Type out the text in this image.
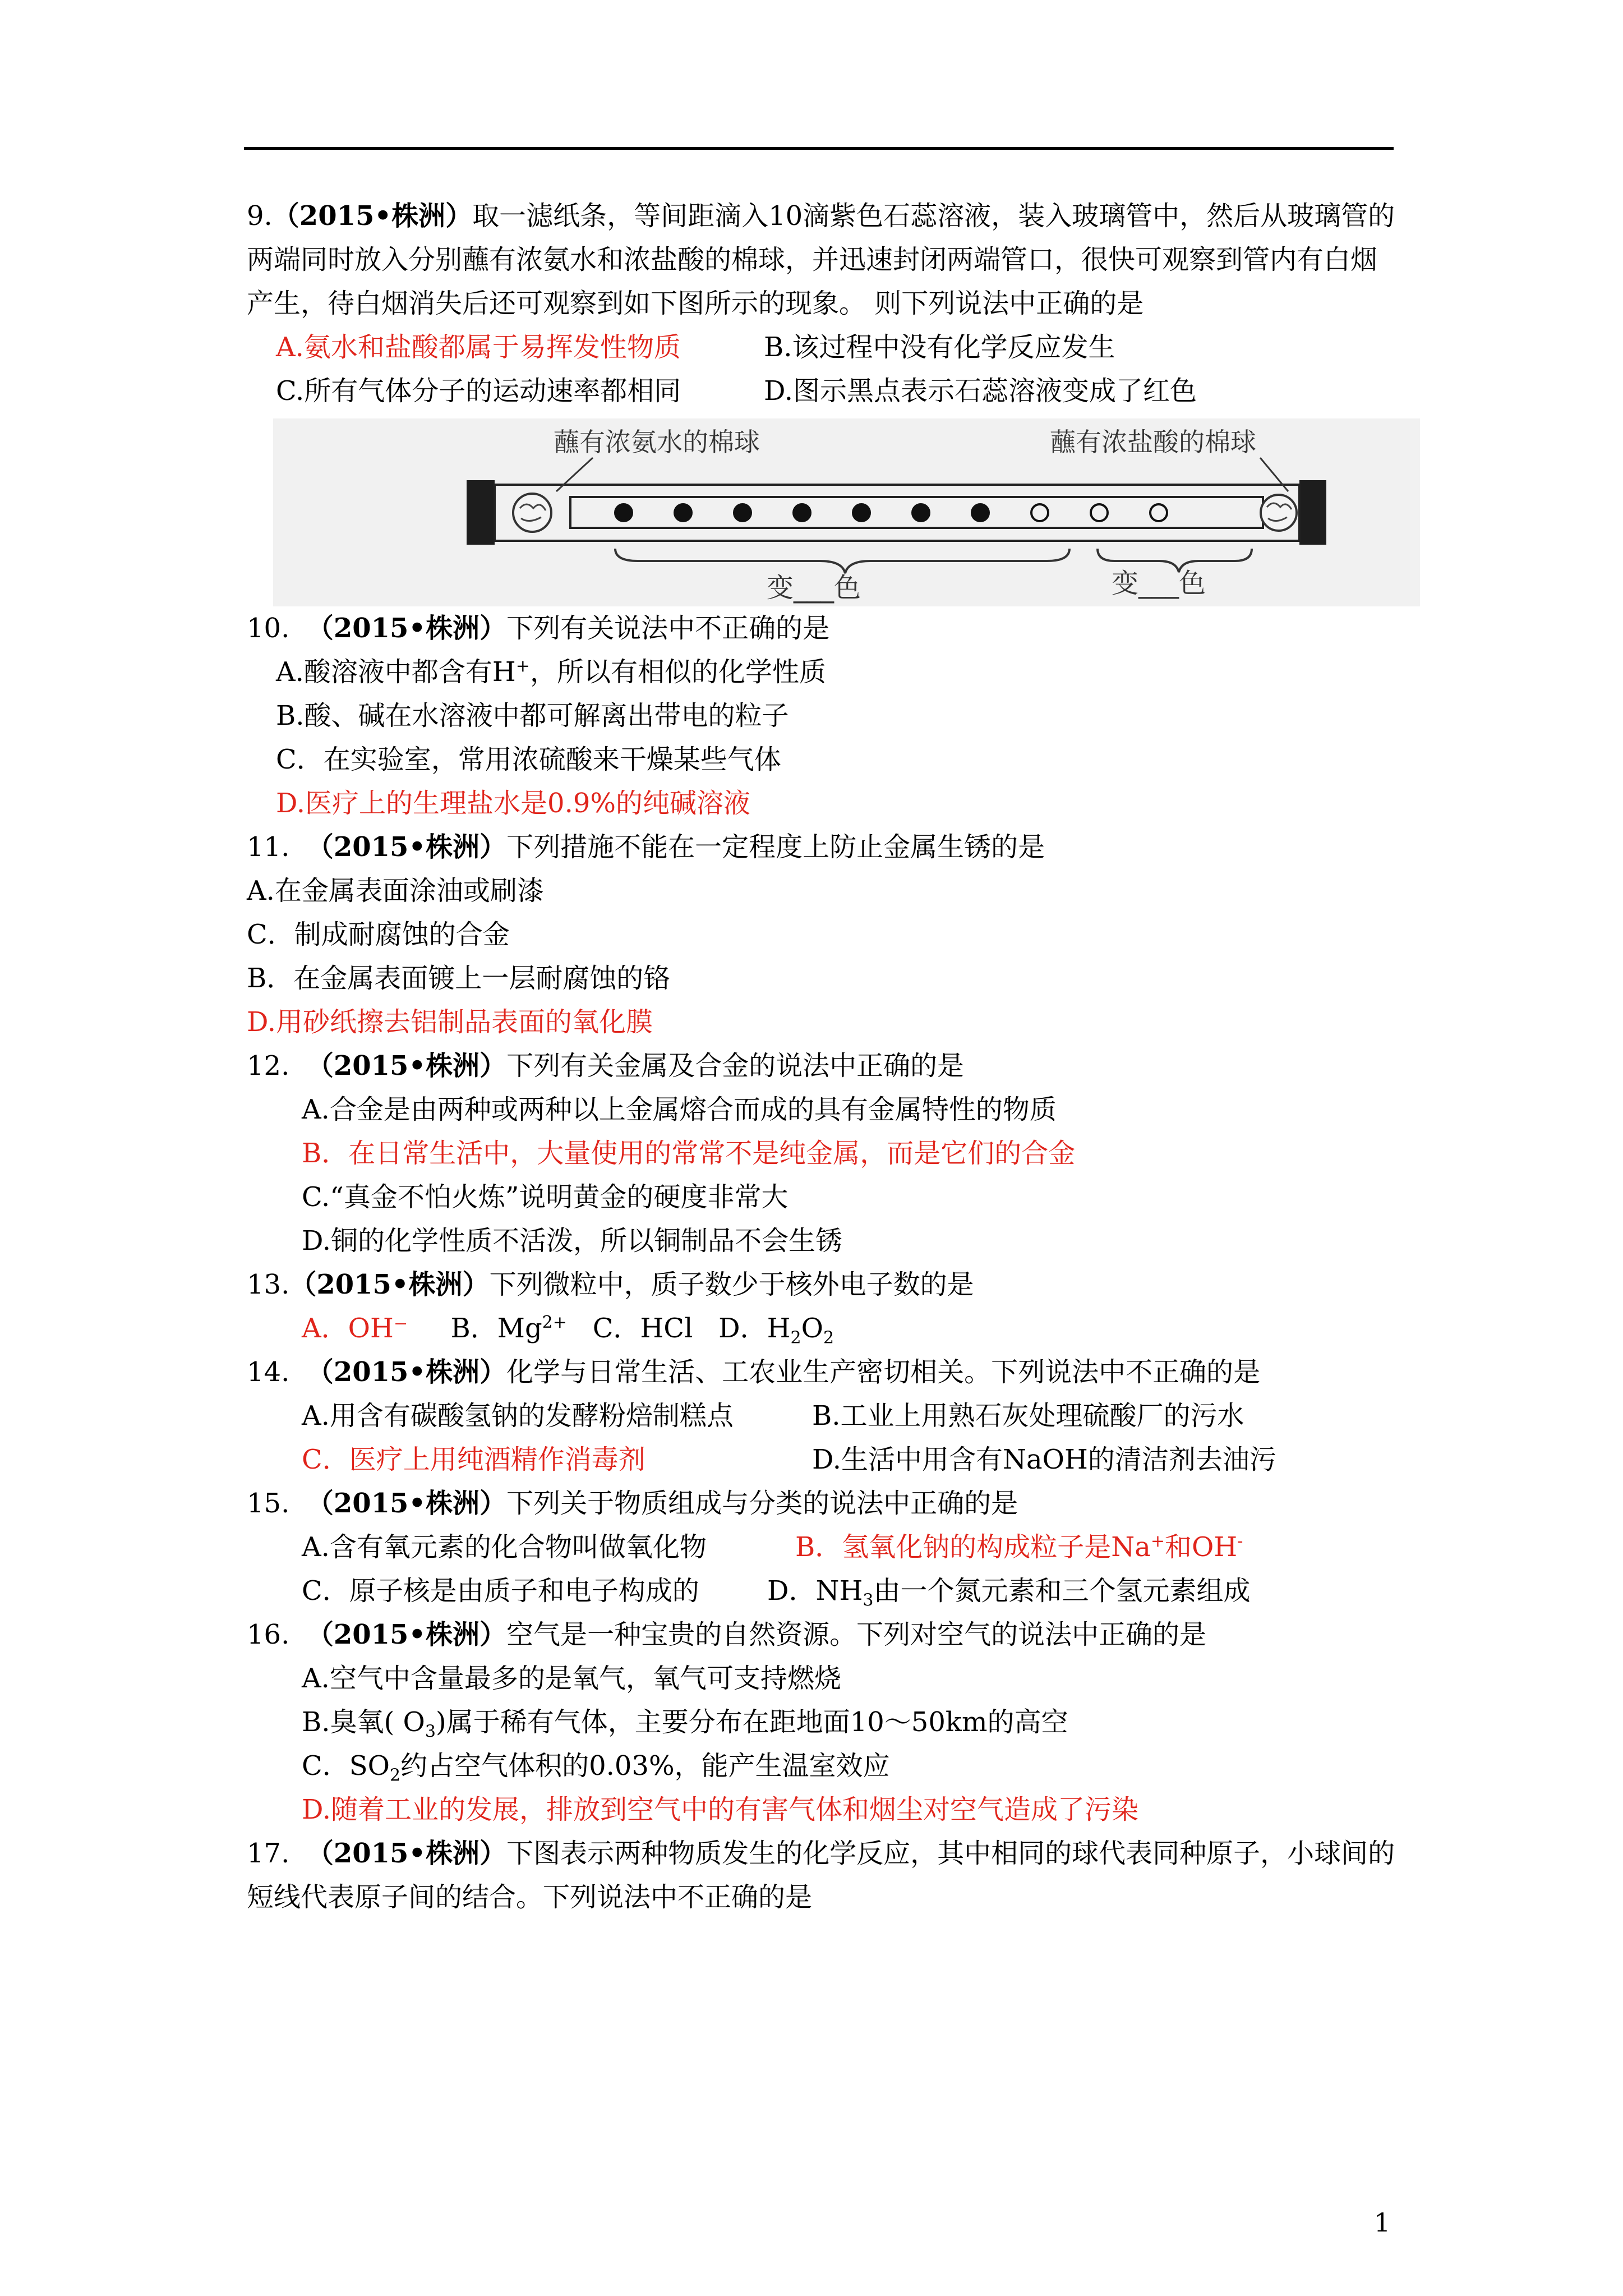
9.（2015•株洲）取一滤纸条，等间距滴入10滴紫色石蕊溶液，装入玻璃管中，然后从玻璃管的两端同时放入分别蘸有浓氨水和浓盐酸的棉球，并迅速封闭两端管口，很快可观察到管内有白烟产生，待白烟消失后还可观察到如下图所示的现象。 则下列说法中正确的是
A.氨水和盐酸都属于易挥发性物质	B.该过程中没有化学反应发生
C.所有气体分子的运动速率都相同	D.图示黑点表示石蕊溶液变成了红色
蘸有浓氨水的棉球	蘸有浓盐酸的棉球
变___色	变___色
10. （2015•株洲）下列有关说法中不正确的是
A.酸溶液中都含有H+，所以有相似的化学性质
B.酸、碱在水溶液中都可解离出带电的粒子
C．在实验室，常用浓硫酸来干燥某些气体
D.医疗上的生理盐水是0.9%的纯碱溶液
11. （2015•株洲）下列措施不能在一定程度上防止金属生锈的是
A.在金属表面涂油或刷漆
C．制成耐腐蚀的合金
B．在金属表面镀上一层耐腐蚀的铬
D.用砂纸擦去铝制品表面的氧化膜
12. （2015•株洲）下列有关金属及合金的说法中正确的是
A.合金是由两种或两种以上金属熔合而成的具有金属特性的物质
B．在日常生活中，大量使用的常常不是纯金属，而是它们的合金
C.“真金不怕火炼”说明黄金的硬度非常大
D.铜的化学性质不活泼，所以铜制品不会生锈
13.（2015•株洲）下列微粒中，质子数少于核外电子数的是
A．OH⁻ B．$Mg^{2+}$ C．HCl D．$H_2O_2$
14. （2015•株洲）化学与日常生活、工农业生产密切相关。下列说法中不正确的是
A.用含有碳酸氢钠的发酵粉焙制糕点	B.工业上用熟石灰处理硫酸厂的污水
C．医疗上用纯酒精作消毒剂	D.生活中用含有NaOH的清洁剂去油污
15. （2015•株洲）下列关于物质组成与分类的说法中正确的是
A.含有氧元素的化合物叫做氧化物	B．氢氧化钠的构成粒子是Na+和OH-
C．原子核是由质子和电子构成的	D．$NH_3$由一个氮元素和三个氢元素组成
16. （2015•株洲）空气是一种宝贵的自然资源。下列对空气的说法中正确的是
A.空气中含量最多的是氧气，氧气可支持燃烧
B.臭氧( $O_3$)属于稀有气体，主要分布在距地面10～50km的高空
C．$SO_2$约占空气体积的0.03%，能产生温室效应
D.随着工业的发展，排放到空气中的有害气体和烟尘对空气造成了污染
17. （2015•株洲）下图表示两种物质发生的化学反应，其中相同的球代表同种原子，小球间的短线代表原子间的结合。下列说法中不正确的是
1
